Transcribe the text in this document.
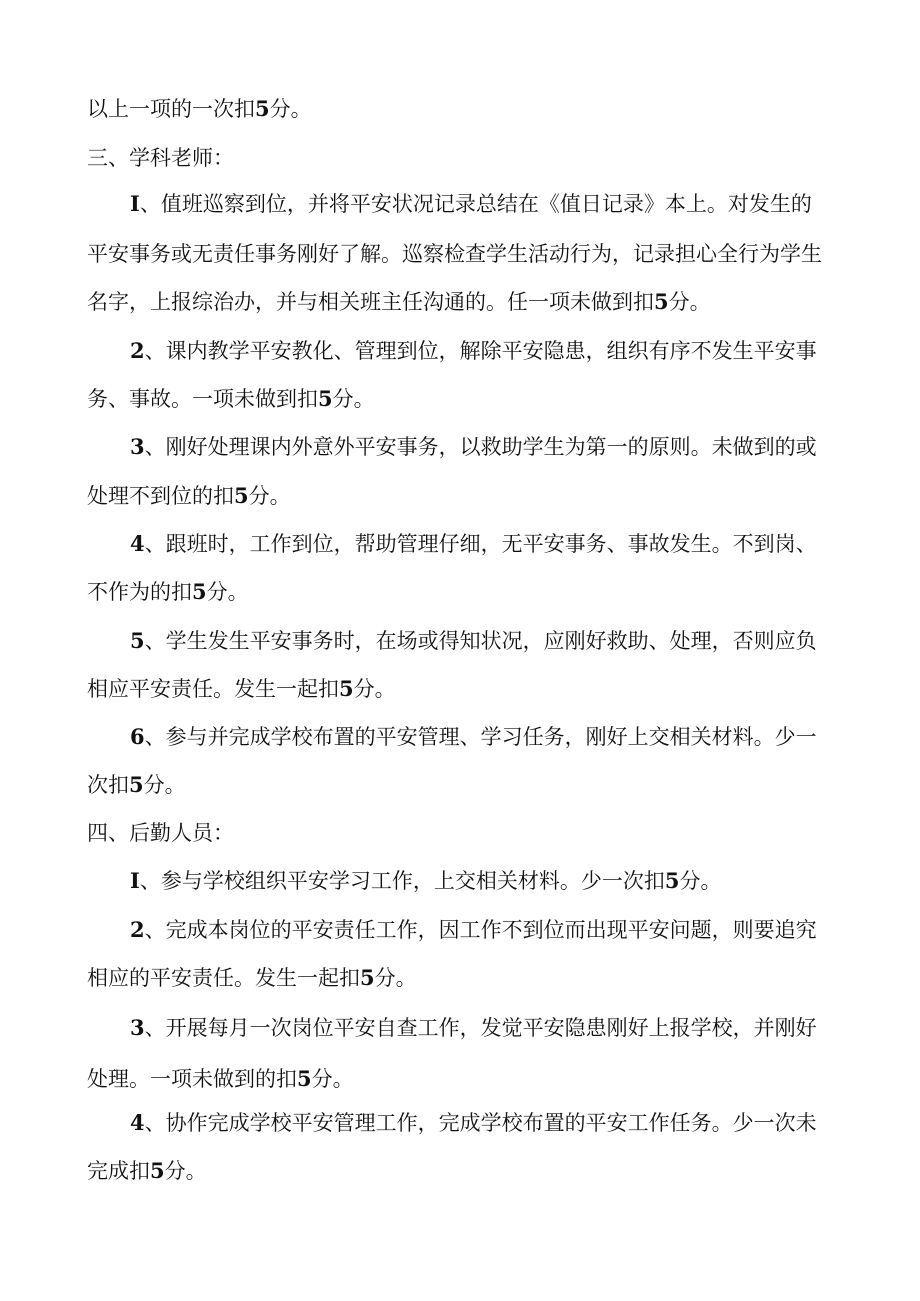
以上一项的一次扣5分。
三、学科老师：
I、值班巡察到位，并将平安状况记录总结在《值日记录》本上。对发生的
平安事务或无责任事务刚好了解。巡察检查学生活动行为，记录担心全行为学生
名字，上报综治办，并与相关班主任沟通的。任一项未做到扣5分。
2、课内教学平安教化、管理到位，解除平安隐患，组织有序不发生平安事
务、事故。一项未做到扣5分。
3、刚好处理课内外意外平安事务，以救助学生为第一的原则。未做到的或
处理不到位的扣5分。
4、跟班时，工作到位，帮助管理仔细，无平安事务、事故发生。不到岗、
不作为的扣5分。
5、学生发生平安事务时，在场或得知状况，应刚好救助、处理，否则应负
相应平安责任。发生一起扣5分。
6、参与并完成学校布置的平安管理、学习任务，刚好上交相关材料。少一
次扣5分。
四、后勤人员：
I、参与学校组织平安学习工作，上交相关材料。少一次扣5分。
2、完成本岗位的平安责任工作，因工作不到位而出现平安问题，则要追究
相应的平安责任。发生一起扣5分。
3、开展每月一次岗位平安自查工作，发觉平安隐患刚好上报学校，并刚好
处理。一项未做到的扣5分。
4、协作完成学校平安管理工作，完成学校布置的平安工作任务。少一次未
完成扣5分。
